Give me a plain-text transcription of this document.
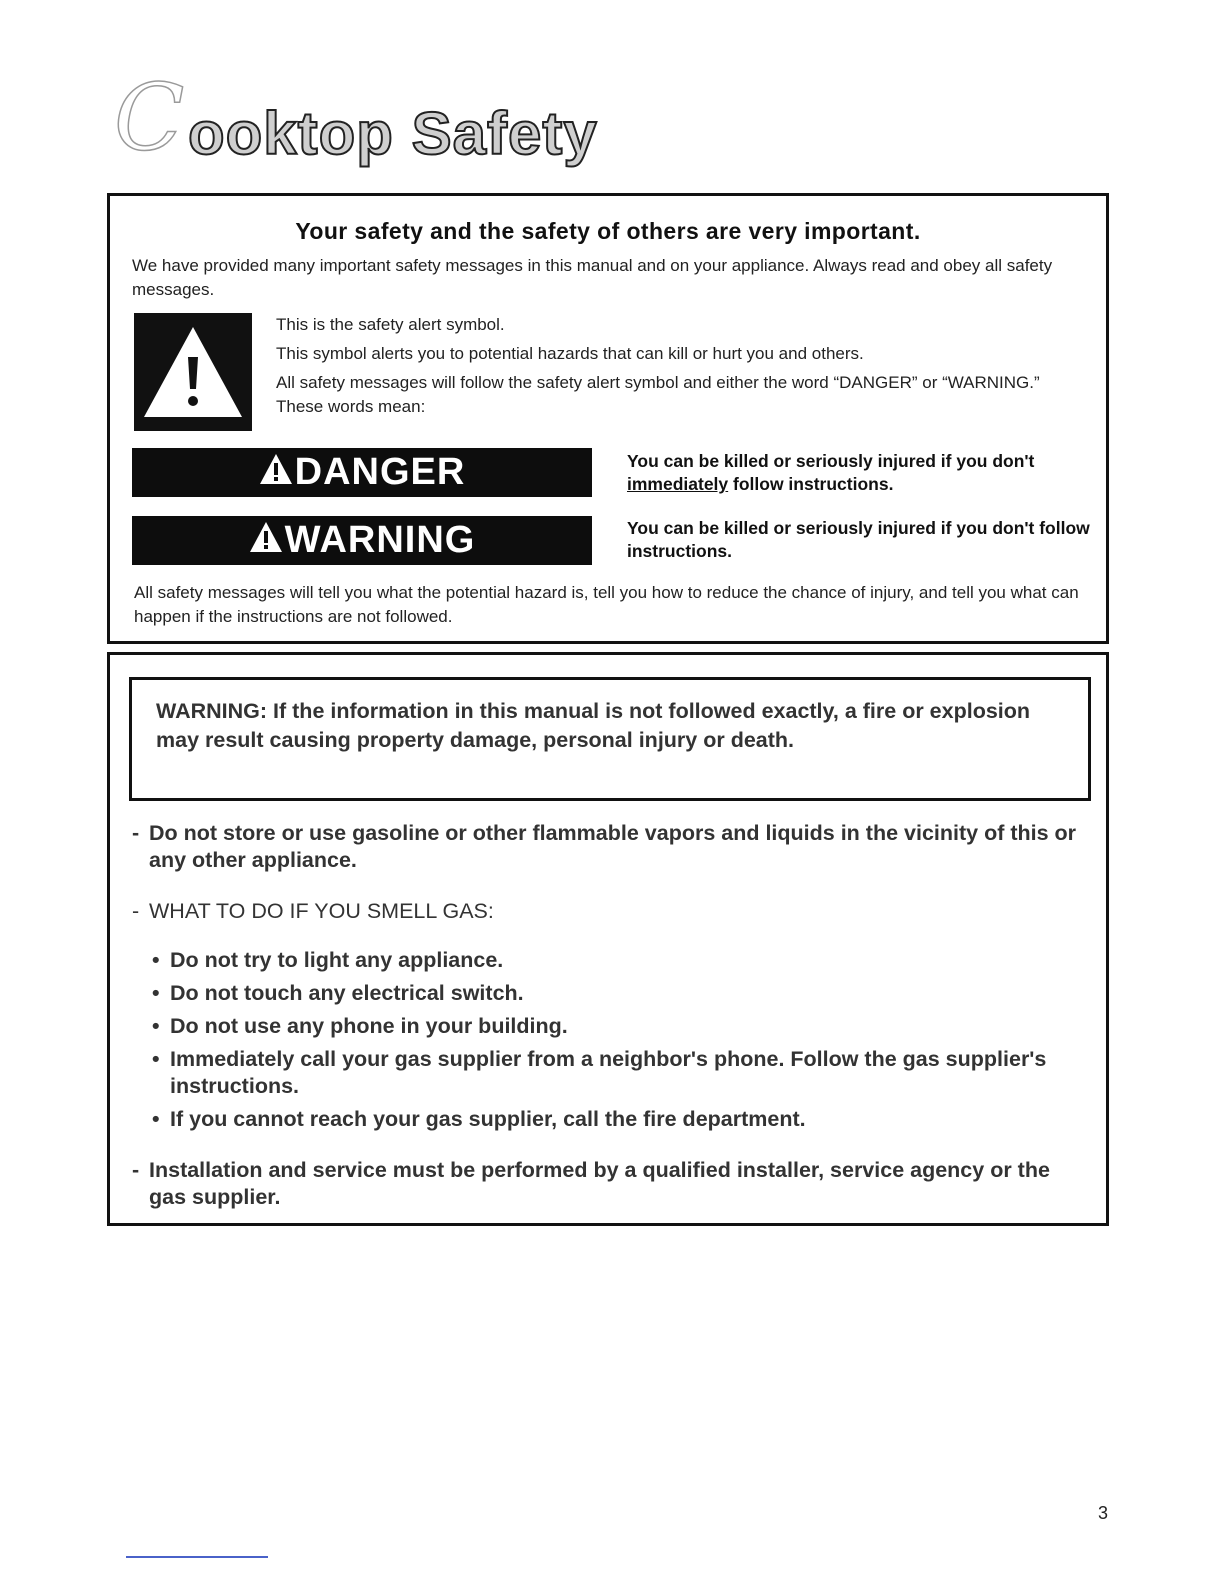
C ooktop Safety
Your safety and the safety of others are very important.
We have provided many important safety messages in this manual and on your appliance. Always read and obey all safety messages.

This is the safety alert symbol.

This symbol alerts you to potential hazards that can kill or hurt you and others.

All safety messages will follow the safety alert symbol and either the word “DANGER” or “WARNING.” These words mean:

DANGER	You can be killed or seriously injured if you don't immediately follow instructions.
WARNING	You can be killed or seriously injured if you don't follow instructions.
All safety messages will tell you what the potential hazard is, tell you how to reduce the chance of injury, and tell you what can happen if the instructions are not followed.
WARNING: If the information in this manual is not followed exactly, a fire or explosion may result causing property damage, personal injury or death.
- Do not store or use gasoline or other flammable vapors and liquids in the vicinity of this or any other appliance.
- WHAT TO DO IF YOU SMELL GAS:
• Do not try to light any appliance.
• Do not touch any electrical switch.
• Do not use any phone in your building.
• Immediately call your gas supplier from a neighbor's phone. Follow the gas supplier's instructions.
• If you cannot reach your gas supplier, call the fire department.
- Installation and service must be performed by a qualified installer, service agency or the gas supplier.
3
